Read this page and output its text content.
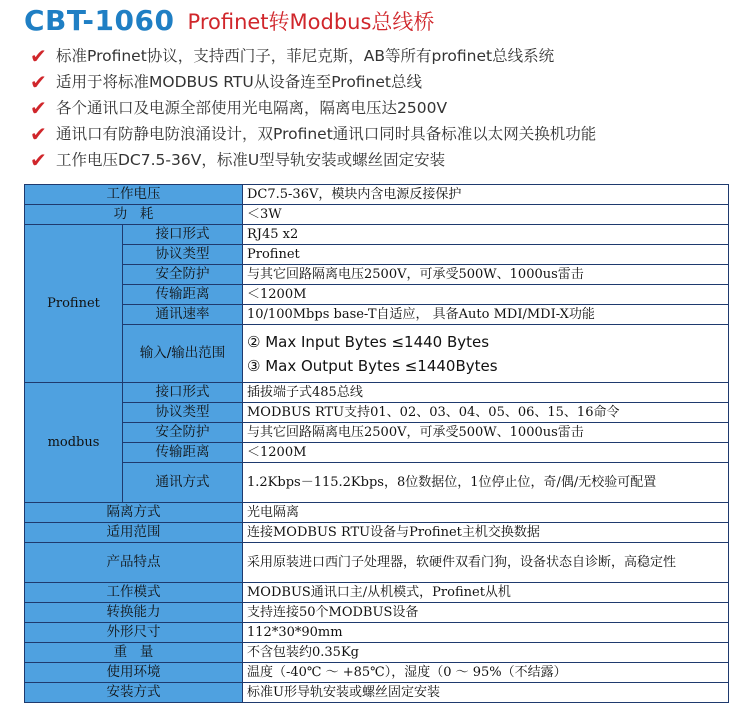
CBT-1060 Profinet转Modbus总线桥
✔ 标准Profinet协议，支持西门子，菲尼克斯，AB等所有profinet总线系统
✔ 适用于将标准MODBUS RTU从设备连至Profinet总线
✔ 各个通讯口及电源全部使用光电隔离，隔离电压达2500V
✔ 通讯口有防静电防浪涌设计，双Profinet通讯口同时具备标准以太网关换机功能
✔ 工作电压DC7.5-36V，标准U型导轨安装或螺丝固定安装
工作电压		DC7.5-36V，模块内含电源反接保护
功   耗		＜3W
Profinet	接口形式	RJ45 x2
	协议类型	Profinet
	安全防护	与其它回路隔离电压2500V，可承受500W、1000us雷击
	传输距离	＜1200M
	通讯速率	10/100Mbps base-T自适应， 具备Auto MDI/MDI-X功能
	输入/输出范围	② Max Input Bytes ≤1440 Bytes
③ Max Output Bytes ≤1440Bytes

modbus	接口形式	插拔端子式485总线
	协议类型	MODBUS RTU支持01、02、03、04、05、06、15、16命令
	安全防护	与其它回路隔离电压2500V，可承受500W、1000us雷击
	传输距离	＜1200M
	通讯方式	1.2Kbps－115.2Kbps，8位数据位，1位停止位，奇/偶/无校验可配置
隔离方式		光电隔离
适用范围		连接MODBUS RTU设备与Profinet主机交换数据
产品特点		采用原装进口西门子处理器，软硬件双看门狗，设备状态自诊断，高稳定性
工作模式		MODBUS通讯口主/从机模式，Profinet从机
转换能力		支持连接50个MODBUS设备
外形尺寸		112*30*90mm
重   量		不含包装约0.35Kg
使用环境		温度（-40℃ ～ +85℃），湿度（0 ～ 95%（不结露）
安装方式		标准U形导轨安装或螺丝固定安装
